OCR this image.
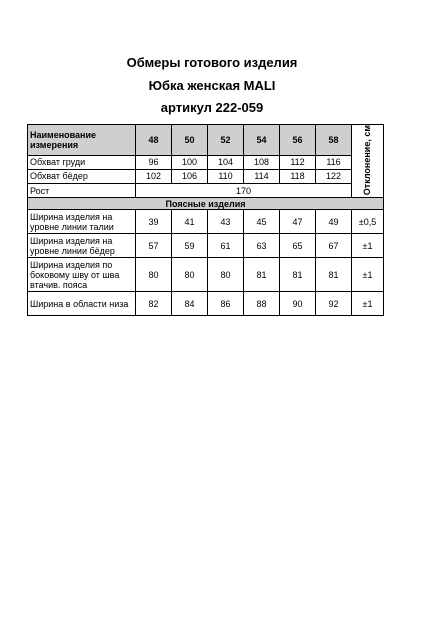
Обмеры готового изделия
Юбка женская MALI
артикул 222-059
Наименование измерения	48	50	52	54	56	58	Отклонение, см
Обхват груди	96	100	104	108	112	116	
Обхват бёдер	102	106	110	114	118	122	
Рост	170						
Поясные изделия							
Ширина изделия на уровне линии талии	39	41	43	45	47	49	±0,5
Ширина изделия на уровне линии бёдер	57	59	61	63	65	67	±1
Ширина изделия по боковому шву от шва втачив. пояса	80	80	80	81	81	81	±1
Ширина в области низа	82	84	86	88	90	92	±1
